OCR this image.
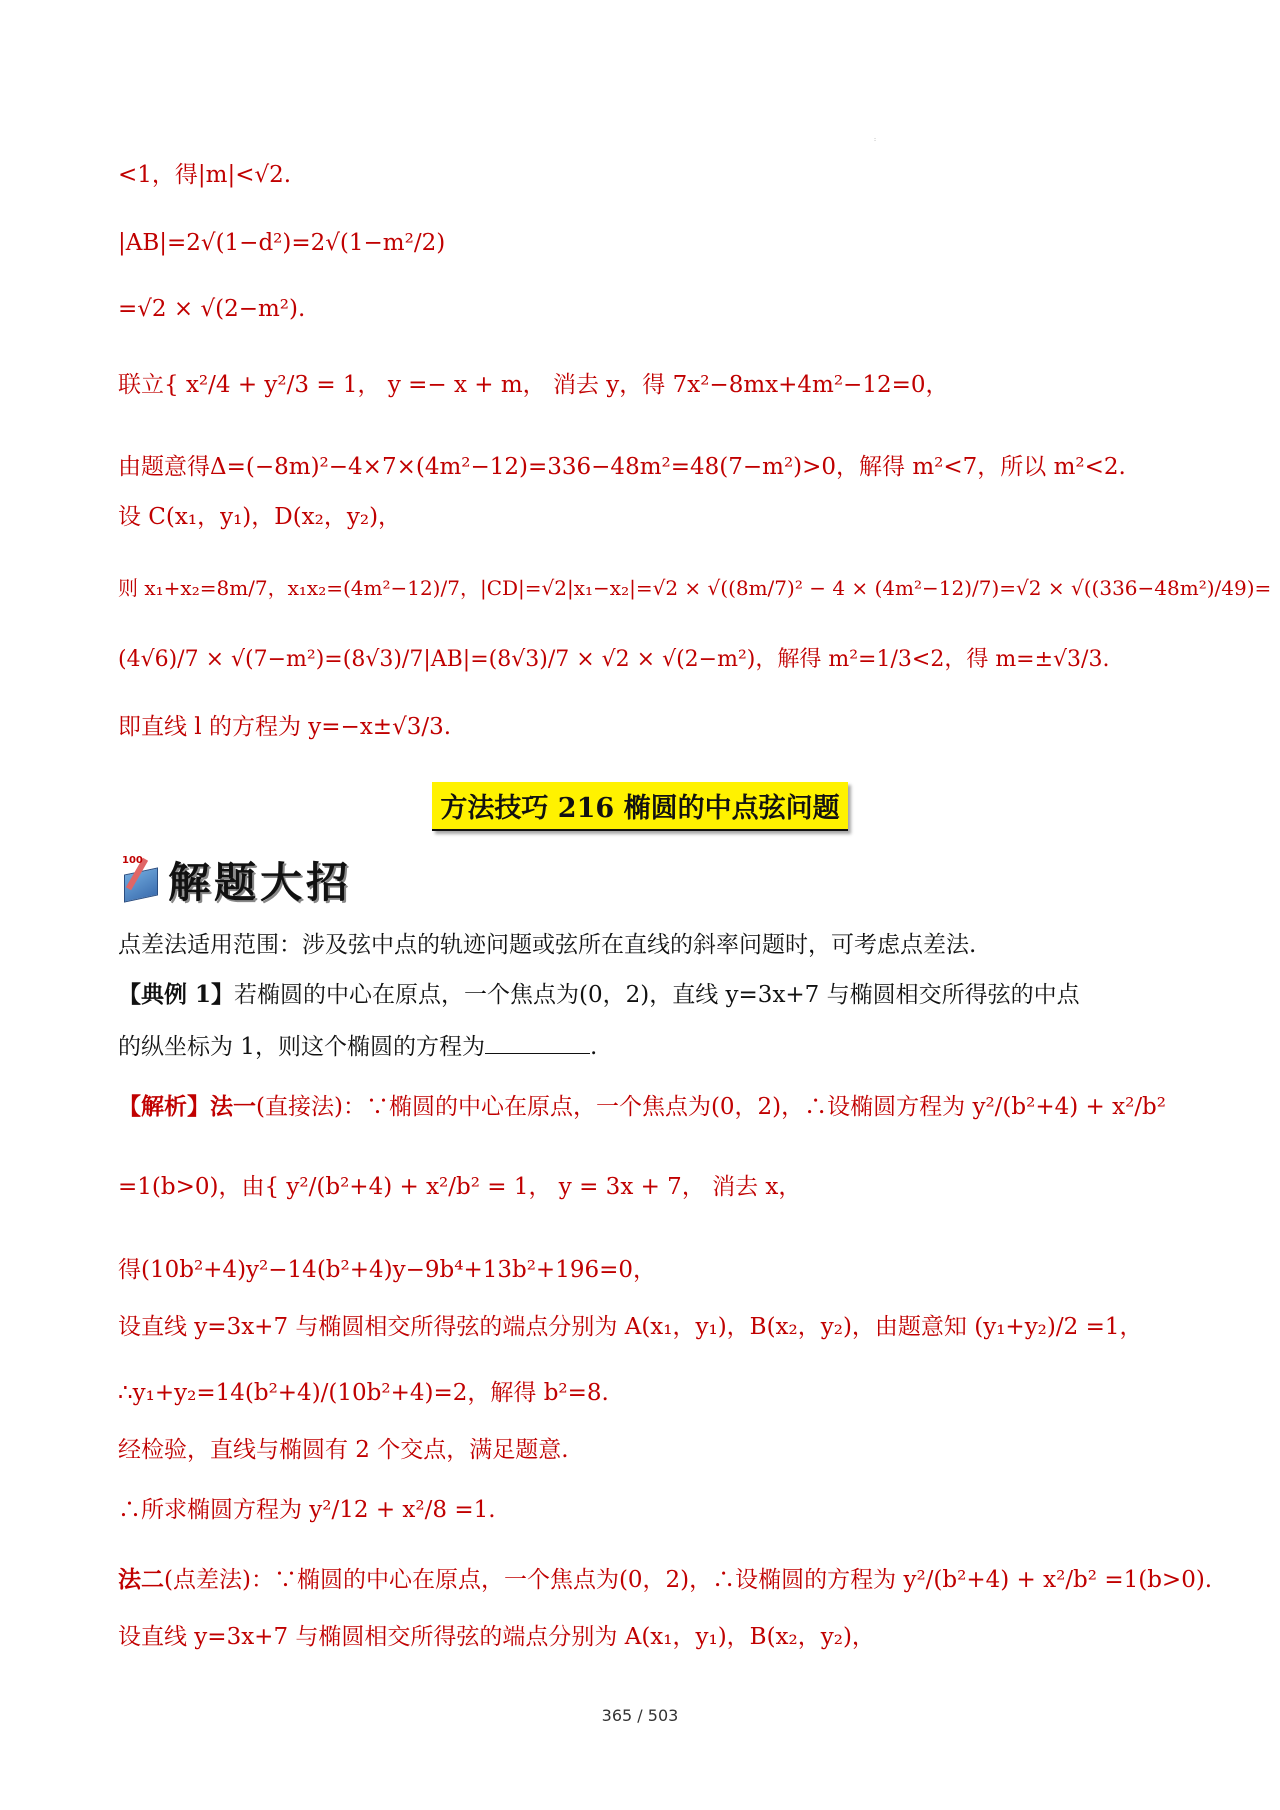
:
<1，得|m|<√2.
|AB|=2√(1−d²)=2√(1−m²/2)
=√2 × √(2−m²).
联立{ x²/4 + y²/3 = 1， y =− x + m， 消去 y，得 7x²−8mx+4m²−12=0，
由题意得Δ=(−8m)²−4×7×(4m²−12)=336−48m²=48(7−m²)>0，解得 m²<7，所以 m²<2.
设 C(x₁，y₁)，D(x₂，y₂)，
则 x₁+x₂=8m/7，x₁x₂=(4m²−12)/7，|CD|=√2|x₁−x₂|=√2 × √((8m/7)² − 4 × (4m²−12)/7)=√2 × √((336−48m²)/49)=
(4√6)/7 × √(7−m²)=(8√3)/7|AB|=(8√3)/7 × √2 × √(2−m²)，解得 m²=1/3<2，得 m=±√3/3.
即直线 l 的方程为 y=−x±√3/3.
方法技巧 216 椭圆的中点弦问题
100 解题大招
点差法适用范围：涉及弦中点的轨迹问题或弦所在直线的斜率问题时，可考虑点差法.
【典例 1】若椭圆的中心在原点，一个焦点为(0，2)，直线 y=3x+7 与椭圆相交所得弦的中点
的纵坐标为 1，则这个椭圆的方程为	.
【解析】法一(直接法)：∵椭圆的中心在原点，一个焦点为(0，2)，∴设椭圆方程为 y²/(b²+4) + x²/b²
=1(b>0)，由{ y²/(b²+4) + x²/b² = 1， y = 3x + 7， 消去 x，
得(10b²+4)y²−14(b²+4)y−9b⁴+13b²+196=0，
设直线 y=3x+7 与椭圆相交所得弦的端点分别为 A(x₁，y₁)，B(x₂，y₂)，由题意知 (y₁+y₂)/2 =1，
∴y₁+y₂=14(b²+4)/(10b²+4)=2，解得 b²=8.
经检验，直线与椭圆有 2 个交点，满足题意.
∴所求椭圆方程为 y²/12 + x²/8 =1.
法二(点差法)：∵椭圆的中心在原点，一个焦点为(0，2)，∴设椭圆的方程为 y²/(b²+4) + x²/b² =1(b>0).
设直线 y=3x+7 与椭圆相交所得弦的端点分别为 A(x₁，y₁)，B(x₂，y₂)，
365 / 503
